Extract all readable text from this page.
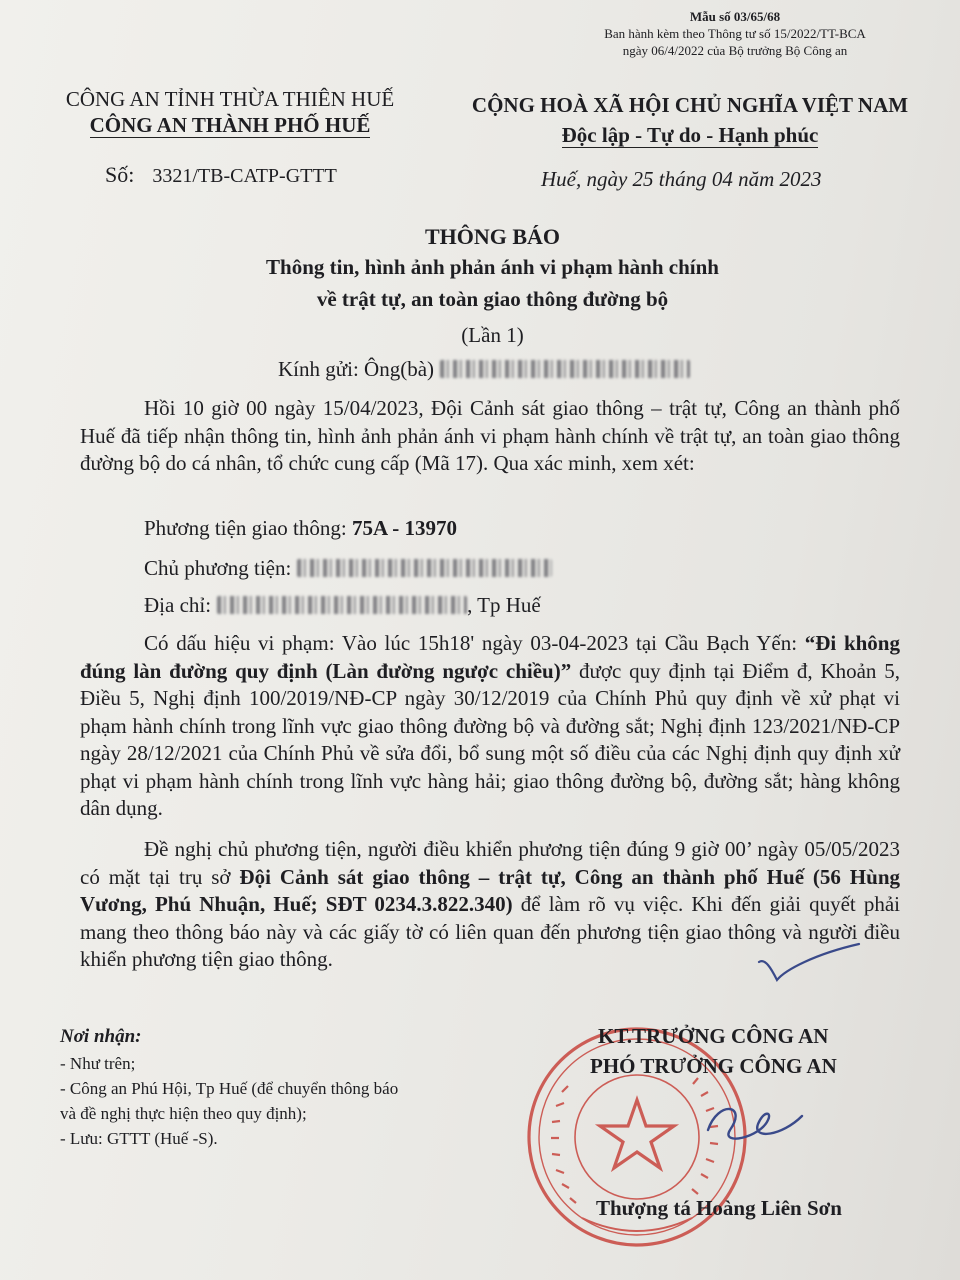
Mẫu số 03/65/68
Ban hành kèm theo Thông tư số 15/2022/TT-BCA
ngày 06/4/2022 của Bộ trưởng Bộ Công an
CÔNG AN TỈNH THỪA THIÊN HUẾ
CÔNG AN THÀNH PHỐ HUẾ
Số: 3321/TB-CATP-GTTT
CỘNG HOÀ XÃ HỘI CHỦ NGHĨA VIỆT NAM
Độc lập - Tự do - Hạnh phúc
Huế, ngày 25 tháng 04 năm 2023
THÔNG BÁO
Thông tin, hình ảnh phản ánh vi phạm hành chính
về trật tự, an toàn giao thông đường bộ
(Lần 1)
Kính gửi: Ông(bà)
Hồi 10 giờ 00 ngày 15/04/2023, Đội Cảnh sát giao thông – trật tự, Công an thành phố Huế đã tiếp nhận thông tin, hình ảnh phản ánh vi phạm hành chính về trật tự, an toàn giao thông đường bộ do cá nhân, tổ chức cung cấp (Mã 17). Qua xác minh, xem xét:
Phương tiện giao thông: 75A - 13970
Chủ phương tiện:
Địa chỉ:	, Tp Huế
Có dấu hiệu vi phạm: Vào lúc 15h18' ngày 03-04-2023 tại Cầu Bạch Yến: “Đi không đúng làn đường quy định (Làn đường ngược chiều)” được quy định tại Điểm đ, Khoản 5, Điều 5, Nghị định 100/2019/NĐ-CP ngày 30/12/2019 của Chính Phủ quy định về xử phạt vi phạm hành chính trong lĩnh vực giao thông đường bộ và đường sắt; Nghị định 123/2021/NĐ-CP ngày 28/12/2021 của Chính Phủ về sửa đổi, bổ sung một số điều của các Nghị định quy định xử phạt vi phạm hành chính trong lĩnh vực hàng hải; giao thông đường bộ, đường sắt; hàng không dân dụng.
Đề nghị chủ phương tiện, người điều khiển phương tiện đúng 9 giờ 00’ ngày 05/05/2023 có mặt tại trụ sở Đội Cảnh sát giao thông – trật tự, Công an thành phố Huế (56 Hùng Vương, Phú Nhuận, Huế; SĐT 0234.3.822.340) để làm rõ vụ việc. Khi đến giải quyết phải mang theo thông báo này và các giấy tờ có liên quan đến phương tiện giao thông và người điều khiển phương tiện giao thông.
Nơi nhận:
- Như trên;
- Công an Phú Hội, Tp Huế (để chuyển thông báo
và đề nghị thực hiện theo quy định);
- Lưu: GTTT (Huế -S).
KT.TRƯỞNG CÔNG AN
PHÓ TRƯỞNG CÔNG AN
Thượng tá Hoàng Liên Sơn
